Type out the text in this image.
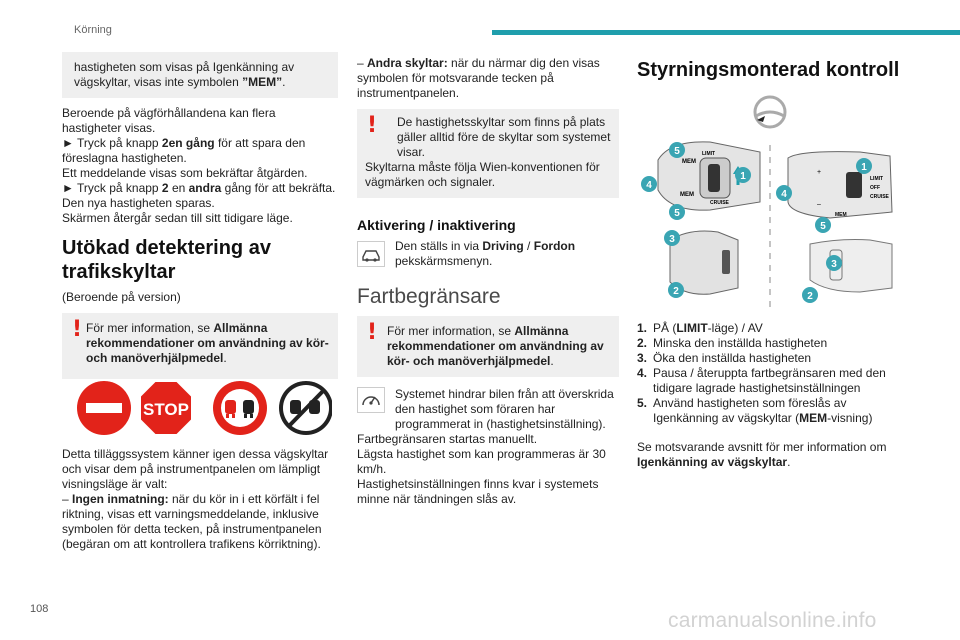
Körning
108	carmanualsonline.info

hastigheten som visas på Igenkänning av
vägskyltar, visas inte symbolen ”MEM”.

Beroende på vägförhållandena kan flera hastigheter visas.

► Tryck på knapp 2en gång för att spara den föreslagna hastigheten.

Ett meddelande visas som bekräftar åtgärden.

► Tryck på knapp 2 en andra gång för att bekräfta. Den nya hastigheten sparas.

Skärmen återgår sedan till sitt tidigare läge.

Utökad detektering av trafikskyltar

(Beroende på version)

! För mer information, se Allmänna rekommendationer om användning av kör- och manöverhjälpmedel.

STOP

Detta tilläggssystem känner igen dessa vägskyltar och visar dem på instrumentpanelen om lämpligt visningsläge är valt:

– Ingen inmatning: när du kör in i ett körfält i fel riktning, visas ett varningsmeddelande, inklusive symbolen för detta tecken, på instrumentpanelen (begäran om att kontrollera trafikens körriktning).

– Andra skyltar: när du närmar dig den visas symbolen för motsvarande tecken på instrumentpanelen.

! De hastighetsskyltar som finns på plats gäller alltid före de skyltar som systemet visar.

Skyltarna måste följa Wien-konventionen för vägmärken och signaler.

Aktivering / inaktivering

Den ställs in via Driving / Fordon pekskärmsmenyn.

Fartbegränsare
! För mer information, se Allmänna rekommendationer om användning av kör- och manöverhjälpmedel.

Systemet hindrar bilen från att överskrida den hastighet som föraren har programmerat in (hastighetsinställning).

Fartbegränsaren startas manuellt.

Lägsta hastighet som kan programmeras är 30 km/h.

Hastighetsinställningen finns kvar i systemets minne när tändningen slås av.

Styrningsmonterad kontroll
MEM
MEM
LIMIT
CRUISE
+
–
LIMIT
OFF
CRUISE
MEM
5
4
5
1
3
2
1
4
5
3
2
1. PÅ (LIMIT-läge) / AV
2. Minska den inställda hastigheten
3. Öka den inställda hastigheten
4. Pausa / återuppta fartbegränsaren med den tidigare lagrade hastighetsinställningen
5. Använd hastigheten som föreslås av Igenkänning av vägskyltar (MEM-visning)

Se motsvarande avsnitt för mer information om Igenkänning av vägskyltar.
